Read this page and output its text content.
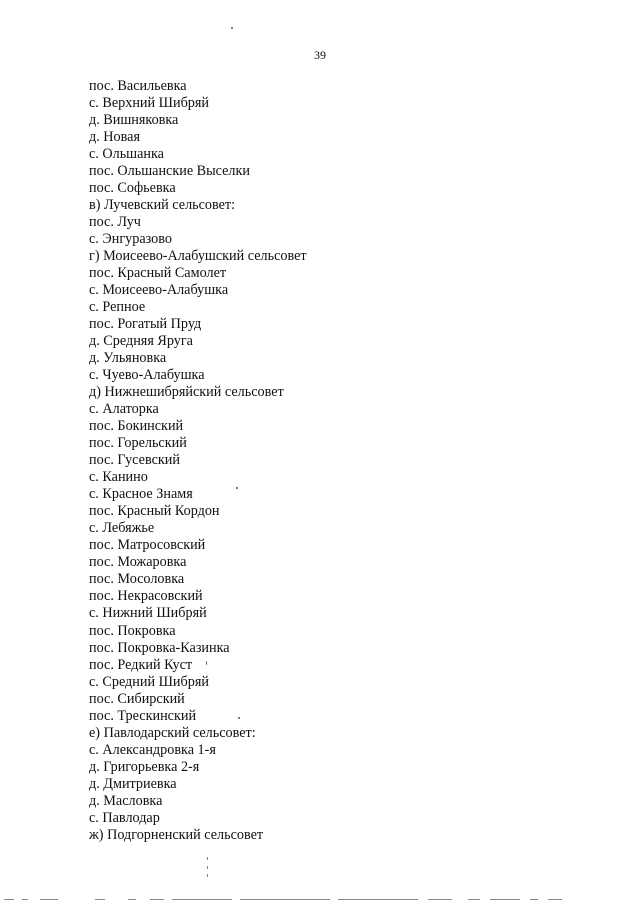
39
пос. Васильевка
с. Верхний Шибряй
д. Вишняковка
д. Новая
с. Ольшанка
пос. Ольшанские Выселки
пос. Софьевка
в) Лучевский сельсовет:
пос. Луч
с. Энгуразово
г) Моисеево-Алабушский сельсовет
пос. Красный Самолет
с. Моисеево-Алабушка
с. Репное
пос. Рогатый Пруд
д. Средняя Яруга
д. Ульяновка
с. Чуево-Алабушка
д) Нижнешибряйский сельсовет
с. Алаторка
пос. Бокинский
пос. Горельский
пос. Гусевский
с. Канино
с. Красное Знамя
пос. Красный Кордон
с. Лебяжье
пос. Матросовский
пос. Можаровка
пос. Мосоловка
пос. Некрасовский
с. Нижний Шибряй
пос. Покровка
пос. Покровка-Казинка
пос. Редкий Куст
с. Средний Шибряй
пос. Сибирский
пос. Трескинский
е) Павлодарский сельсовет:
с. Александровка 1-я
д. Григорьевка 2-я
д. Дмитриевка
д. Масловка
с. Павлодар
ж) Подгорненский сельсовет
